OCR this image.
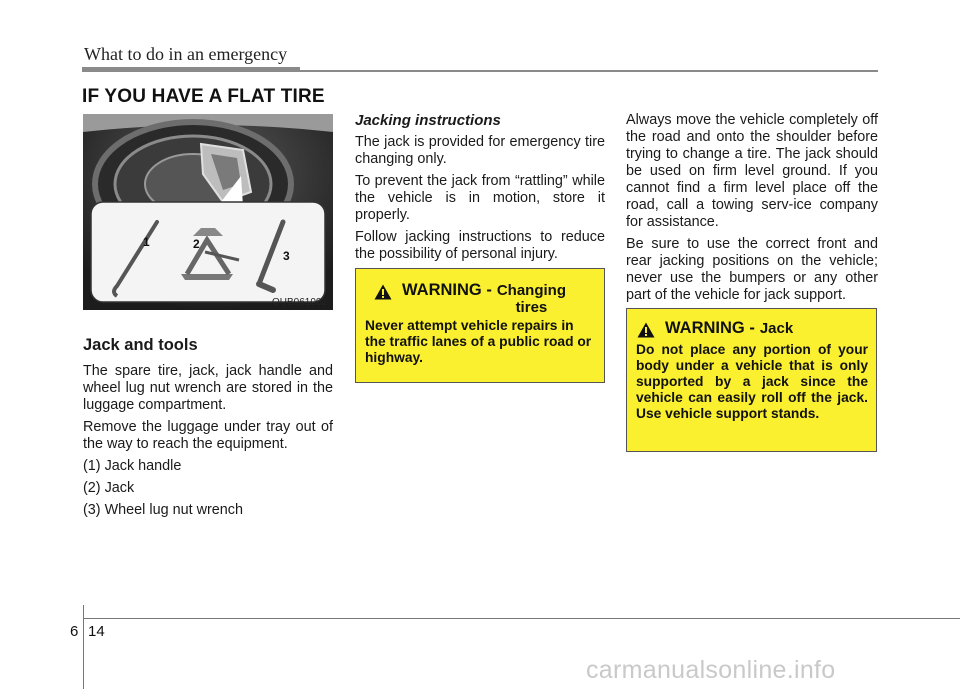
What to do in an emergency
IF YOU HAVE A FLAT TIRE
1	2
3
OUB061002
Jack and tools

The spare tire, jack, jack handle and wheel lug nut wrench are stored in the luggage compartment.

Remove the luggage under tray out of the way to reach the equipment.

(1) Jack handle

(2) Jack

(3) Wheel lug nut wrench

Jacking instructions

The jack is provided for emergency tire changing only.

To prevent the jack from “rattling” while the vehicle is in motion, store it properly.

Follow jacking instructions to reduce the possibility of personal injury.

WARNING - Changing
tires
Never attempt vehicle repairs in the traffic lanes of a public road or highway.

Always move the vehicle completely off the road and onto the shoulder before trying to change a tire. The jack should be used on firm level ground. If you cannot find a firm level place off the road, call a towing serv-ice company for assistance.

Be sure to use the correct front and rear jacking positions on the vehicle; never use the bumpers or any other part of the vehicle for jack support.

WARNING - Jack
Do not place any portion of your body under a vehicle that is only supported by a jack since the vehicle can easily roll off the jack. Use vehicle support stands.
6 14
carmanualsonline.info
